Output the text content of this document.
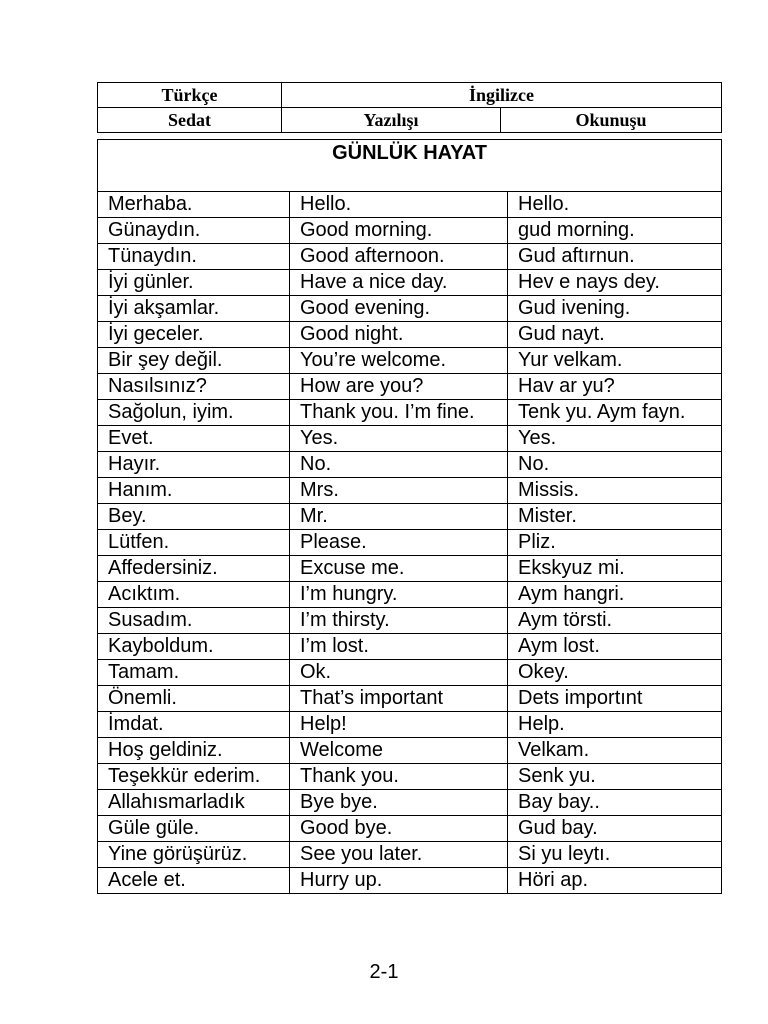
Türkçe	İngilizce	
Sedat	Yazılışı	Okunuşu
GÜNLÜK HAYAT		
Merhaba.	Hello.	Hello.
Günaydın.	Good morning.	gud morning.
Tünaydın.	Good afternoon.	Gud aftırnun.
İyi günler.	Have a nice day.	Hev e nays dey.
İyi akşamlar.	Good evening.	Gud ivening.
İyi geceler.	Good night.	Gud nayt.
Bir şey değil.	You’re welcome.	Yur velkam.
Nasılsınız?	How are you?	Hav ar yu?
Sağolun, iyim.	Thank you. I’m fine.	Tenk yu. Aym fayn.
Evet.	Yes.	Yes.
Hayır.	No.	No.
Hanım.	Mrs.	Missis.
Bey.	Mr.	Mister.
Lütfen.	Please.	Pliz.
Affedersiniz.	Excuse me.	Ekskyuz mi.
Acıktım.	I’m hungry.	Aym hangri.
Susadım.	I’m thirsty.	Aym törsti.
Kayboldum.	I’m lost.	Aym lost.
Tamam.	Ok.	Okey.
Önemli.	That’s important	Dets importınt
İmdat.	Help!	Help.
Hoş geldiniz.	Welcome	Velkam.
Teşekkür ederim.	Thank you.	Senk yu.
Allahısmarladık	Bye bye.	Bay bay..
Güle güle.	Good bye.	Gud bay.
Yine görüşürüz.	See you later.	Si yu leytı.
Acele et.	Hurry up.	Höri ap.
2-1
